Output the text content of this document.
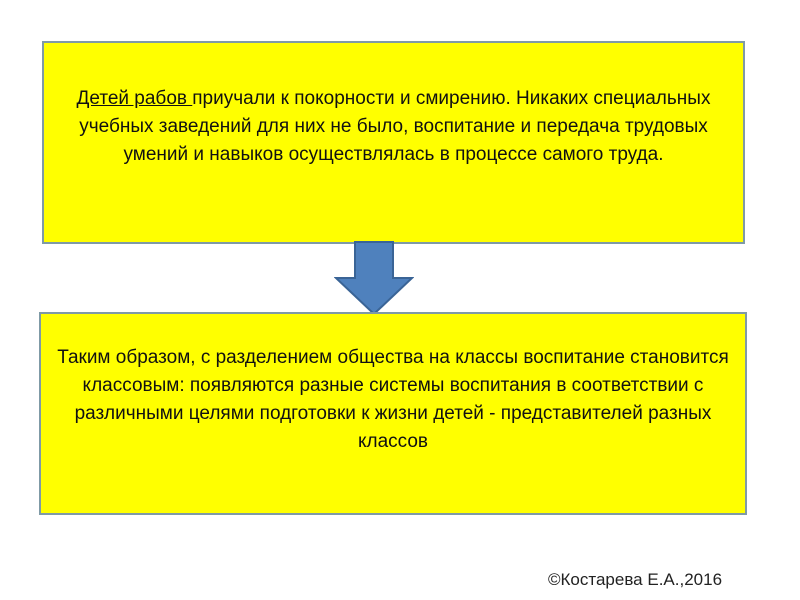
Детей рабов приучали к покорности и смирению. Никаких специальных учебных заведений для них не было, воспитание и передача трудовых умений и навыков осуществлялась в процессе самого труда.

Таким образом, с разделением общества на классы воспитание становится классовым: появляются разные системы воспитания в соответствии с различными целями подготовки к жизни детей - представителей разных классов

©Костарева Е.А.,2016
